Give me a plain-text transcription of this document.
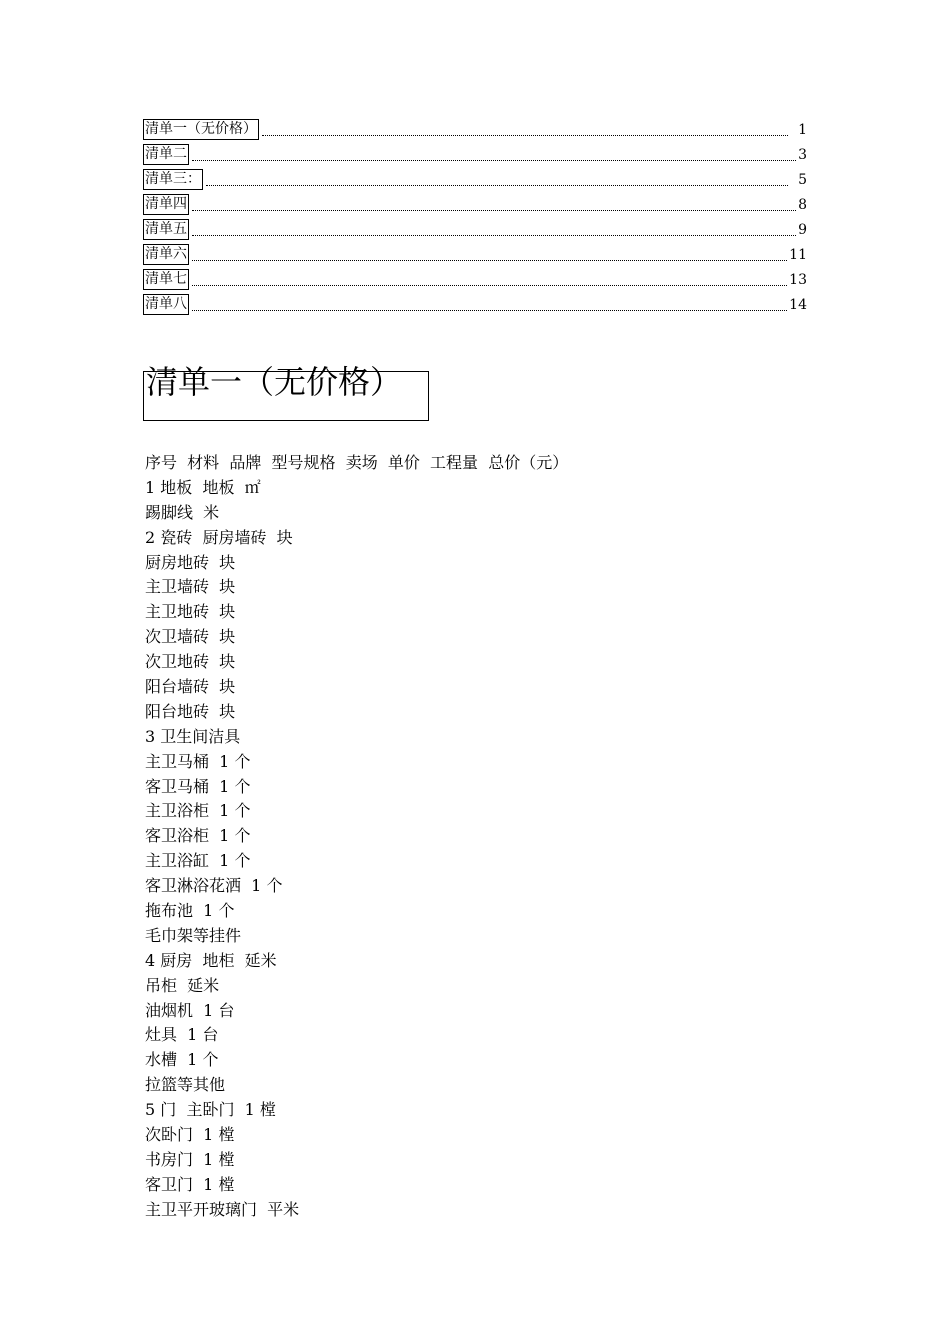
清单一（无价格）	1
清单二	3
清单三：	5
清单四	8
清单五	9
清单六	11
清单七	13
清单八	14
清单一（无价格）
序号  材料  品牌  型号规格  卖场  单价  工程量  总价（元）
1 地板  地板  ㎡
踢脚线  米
2 瓷砖  厨房墙砖  块
厨房地砖  块
主卫墙砖  块
主卫地砖  块
次卫墙砖  块
次卫地砖  块
阳台墙砖  块
阳台地砖  块
3 卫生间洁具
主卫马桶  1 个
客卫马桶  1 个
主卫浴柜  1 个
客卫浴柜  1 个
主卫浴缸  1 个
客卫淋浴花洒  1 个
拖布池  1 个
毛巾架等挂件
4 厨房  地柜  延米
吊柜  延米
油烟机  1 台
灶具  1 台
水槽  1 个
拉篮等其他
5 门  主卧门  1 樘
次卧门  1 樘
书房门  1 樘
客卫门  1 樘
主卫平开玻璃门  平米
